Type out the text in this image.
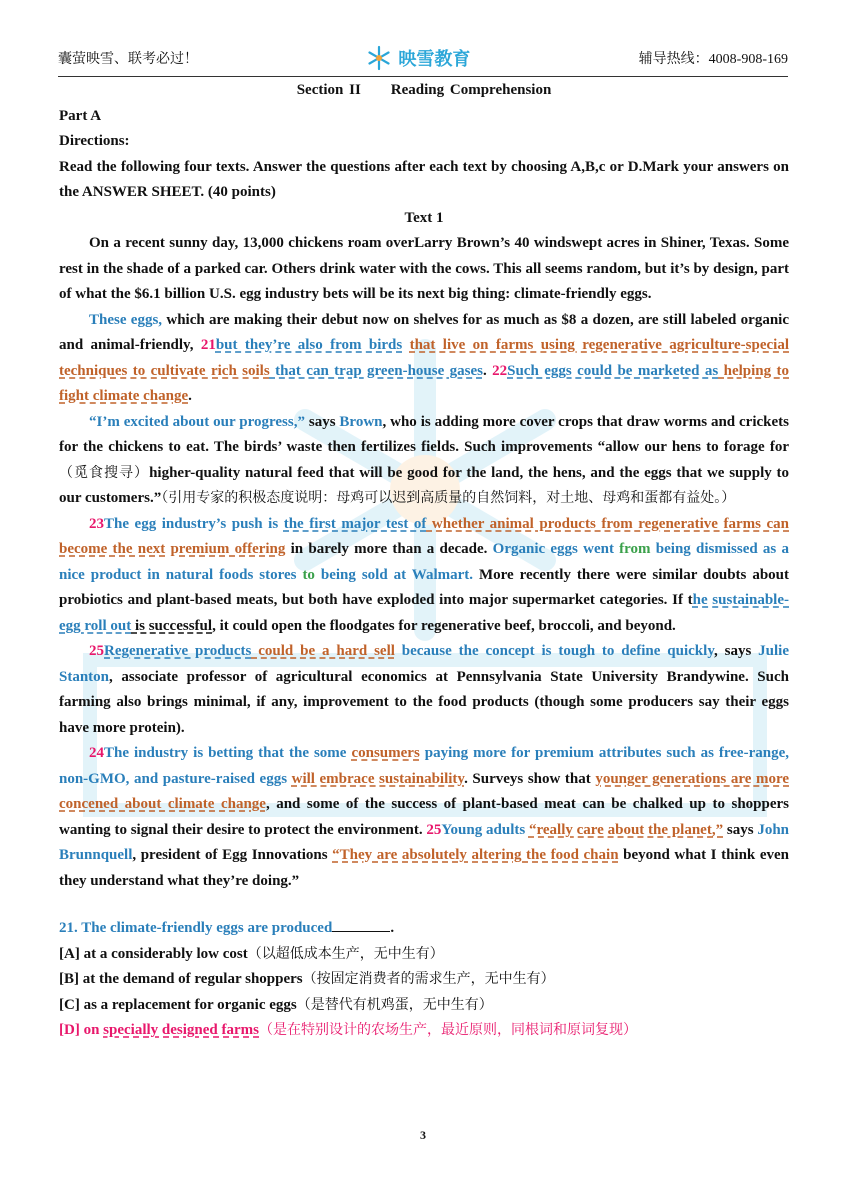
囊萤映雪、联考必过！	映雪教育	辅导热线：4008-908-169
Section II Reading Comprehension
Part A
Directions:

Read the following four texts. Answer the questions after each text by choosing A,B,c or D.Mark your answers on the ANSWER SHEET. (40 points)

Text 1

On a recent sunny day, 13,000 chickens roam overLarry Brown’s 40 windswept acres in Shiner, Texas. Some rest in the shade of a parked car. Others drink water with the cows. This all seems random, but it’s by design, part of what the $6.1 billion U.S. egg industry bets will be its next big thing: climate-friendly eggs.

These eggs, which are making their debut now on shelves for as much as $8 a dozen, are still labeled organic and animal-friendly, 21but they’re also from birds that live on farms using regenerative agriculture-special techniques to cultivate rich soils that can trap green-house gases. 22Such eggs could be marketed as helping to fight climate change.

“I’m excited about our progress,” says Brown, who is adding more cover crops that draw worms and crickets for the chickens to eat. The birds’ waste then fertilizes fields. Such improvements “allow our hens to forage for（觅食搜寻）higher-quality natural feed that will be good for the land, the hens, and the eggs that we supply to our customers.”（引用专家的积极态度说明：母鸡可以迟到高质量的自然饲料，对土地、母鸡和蛋都有益处。）

23The egg industry’s push is the first major test of whether animal products from regenerative farms can become the next premium offering in barely more than a decade. Organic eggs went from being dismissed as a nice product in natural foods stores to being sold at Walmart. More recently there were similar doubts about probiotics and plant-based meats, but both have exploded into major supermarket categories. If the sustainable-egg roll out is successful, it could open the floodgates for regenerative beef, broccoli, and beyond.

25Regenerative products could be a hard sell because the concept is tough to define quickly, says Julie Stanton, associate professor of agricultural economics at Pennsylvania State University Brandywine. Such farming also brings minimal, if any, improvement to the food products (though some producers say their eggs have more protein).

24The industry is betting that the some consumers paying more for premium attributes such as free-range, non-GMO, and pasture-raised eggs will embrace sustainability. Surveys show that younger generations are more concened about climate change, and some of the success of plant-based meat can be chalked up to shoppers wanting to signal their desire to protect the environment. 25Young adults “really care about the planet,” says John Brunnquell, president of Egg Innovations “They are absolutely altering the food chain beyond what I think even they understand what they’re doing.”

21. The climate-friendly eggs are produced	.
[A] at a considerably low cost（以超低成本生产，无中生有）
[B] at the demand of regular shoppers（按固定消费者的需求生产，无中生有）
[C] as a replacement for organic eggs（是替代有机鸡蛋，无中生有）
[D] on specially designed farms（是在特别设计的农场生产，最近原则，同根词和原词复现）
3
